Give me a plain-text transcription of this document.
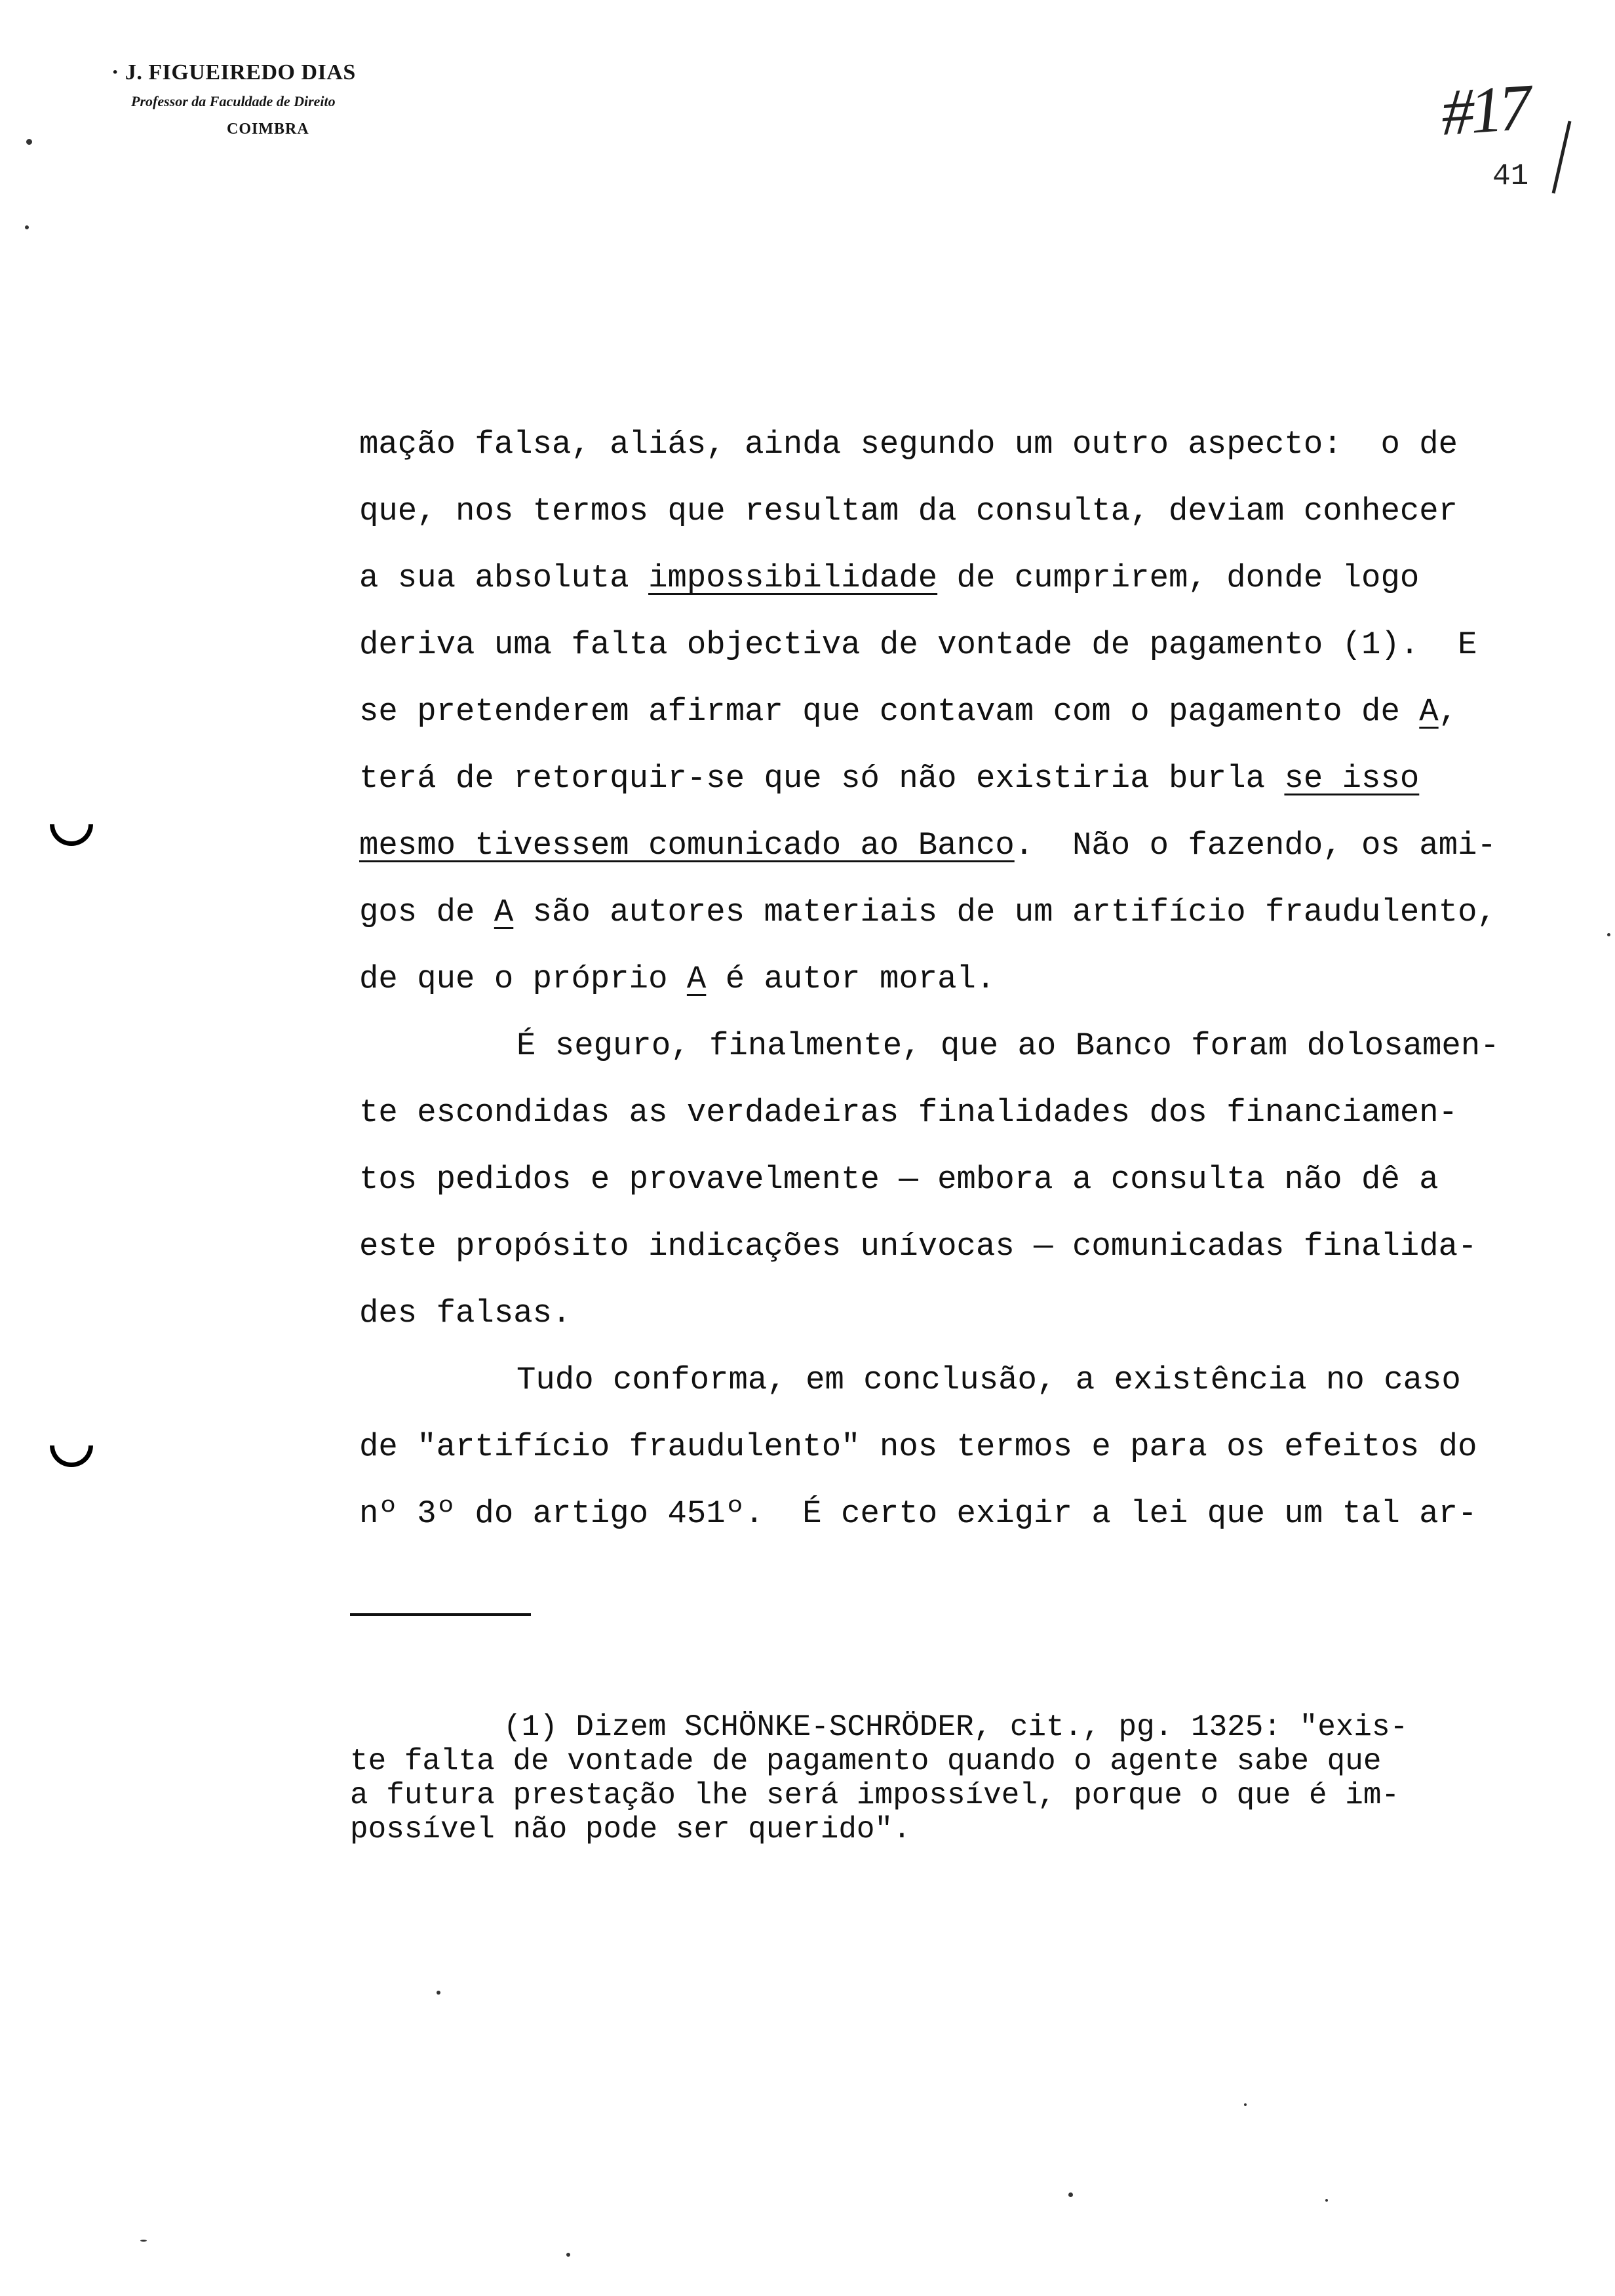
· J. FIGUEIREDO DIAS
Professor da Faculdade de Direito
COIMBRA	#17
41
mação falsa, aliás, ainda segundo um outro aspecto:  o de
que, nos termos que resultam da consulta, deviam conhecer
a sua absoluta impossibilidade de cumprirem, donde logo
deriva uma falta objectiva de vontade de pagamento (1).  E
se pretenderem afirmar que contavam com o pagamento de A,
terá de retorquir-se que só não existiria burla se isso
mesmo tivessem comunicado ao Banco.  Não o fazendo, os ami-
gos de A são autores materiais de um artifício fraudulento,
de que o próprio A é autor moral.
É seguro, finalmente, que ao Banco foram dolosamen-
te escondidas as verdadeiras finalidades dos financiamen-
tos pedidos e provavelmente — embora a consulta não dê a
este propósito indicações unívocas — comunicadas finalida-
des falsas.
Tudo conforma, em conclusão, a existência no caso
de "artifício fraudulento" nos termos e para os efeitos do
nº 3º do artigo 451º.  É certo exigir a lei que um tal ar-
(1) Dizem SCHÖNKE-SCHRÖDER, cit., pg. 1325: "exis-
te falta de vontade de pagamento quando o agente sabe que
a futura prestação lhe será impossível, porque o que é im-
possível não pode ser querido".
